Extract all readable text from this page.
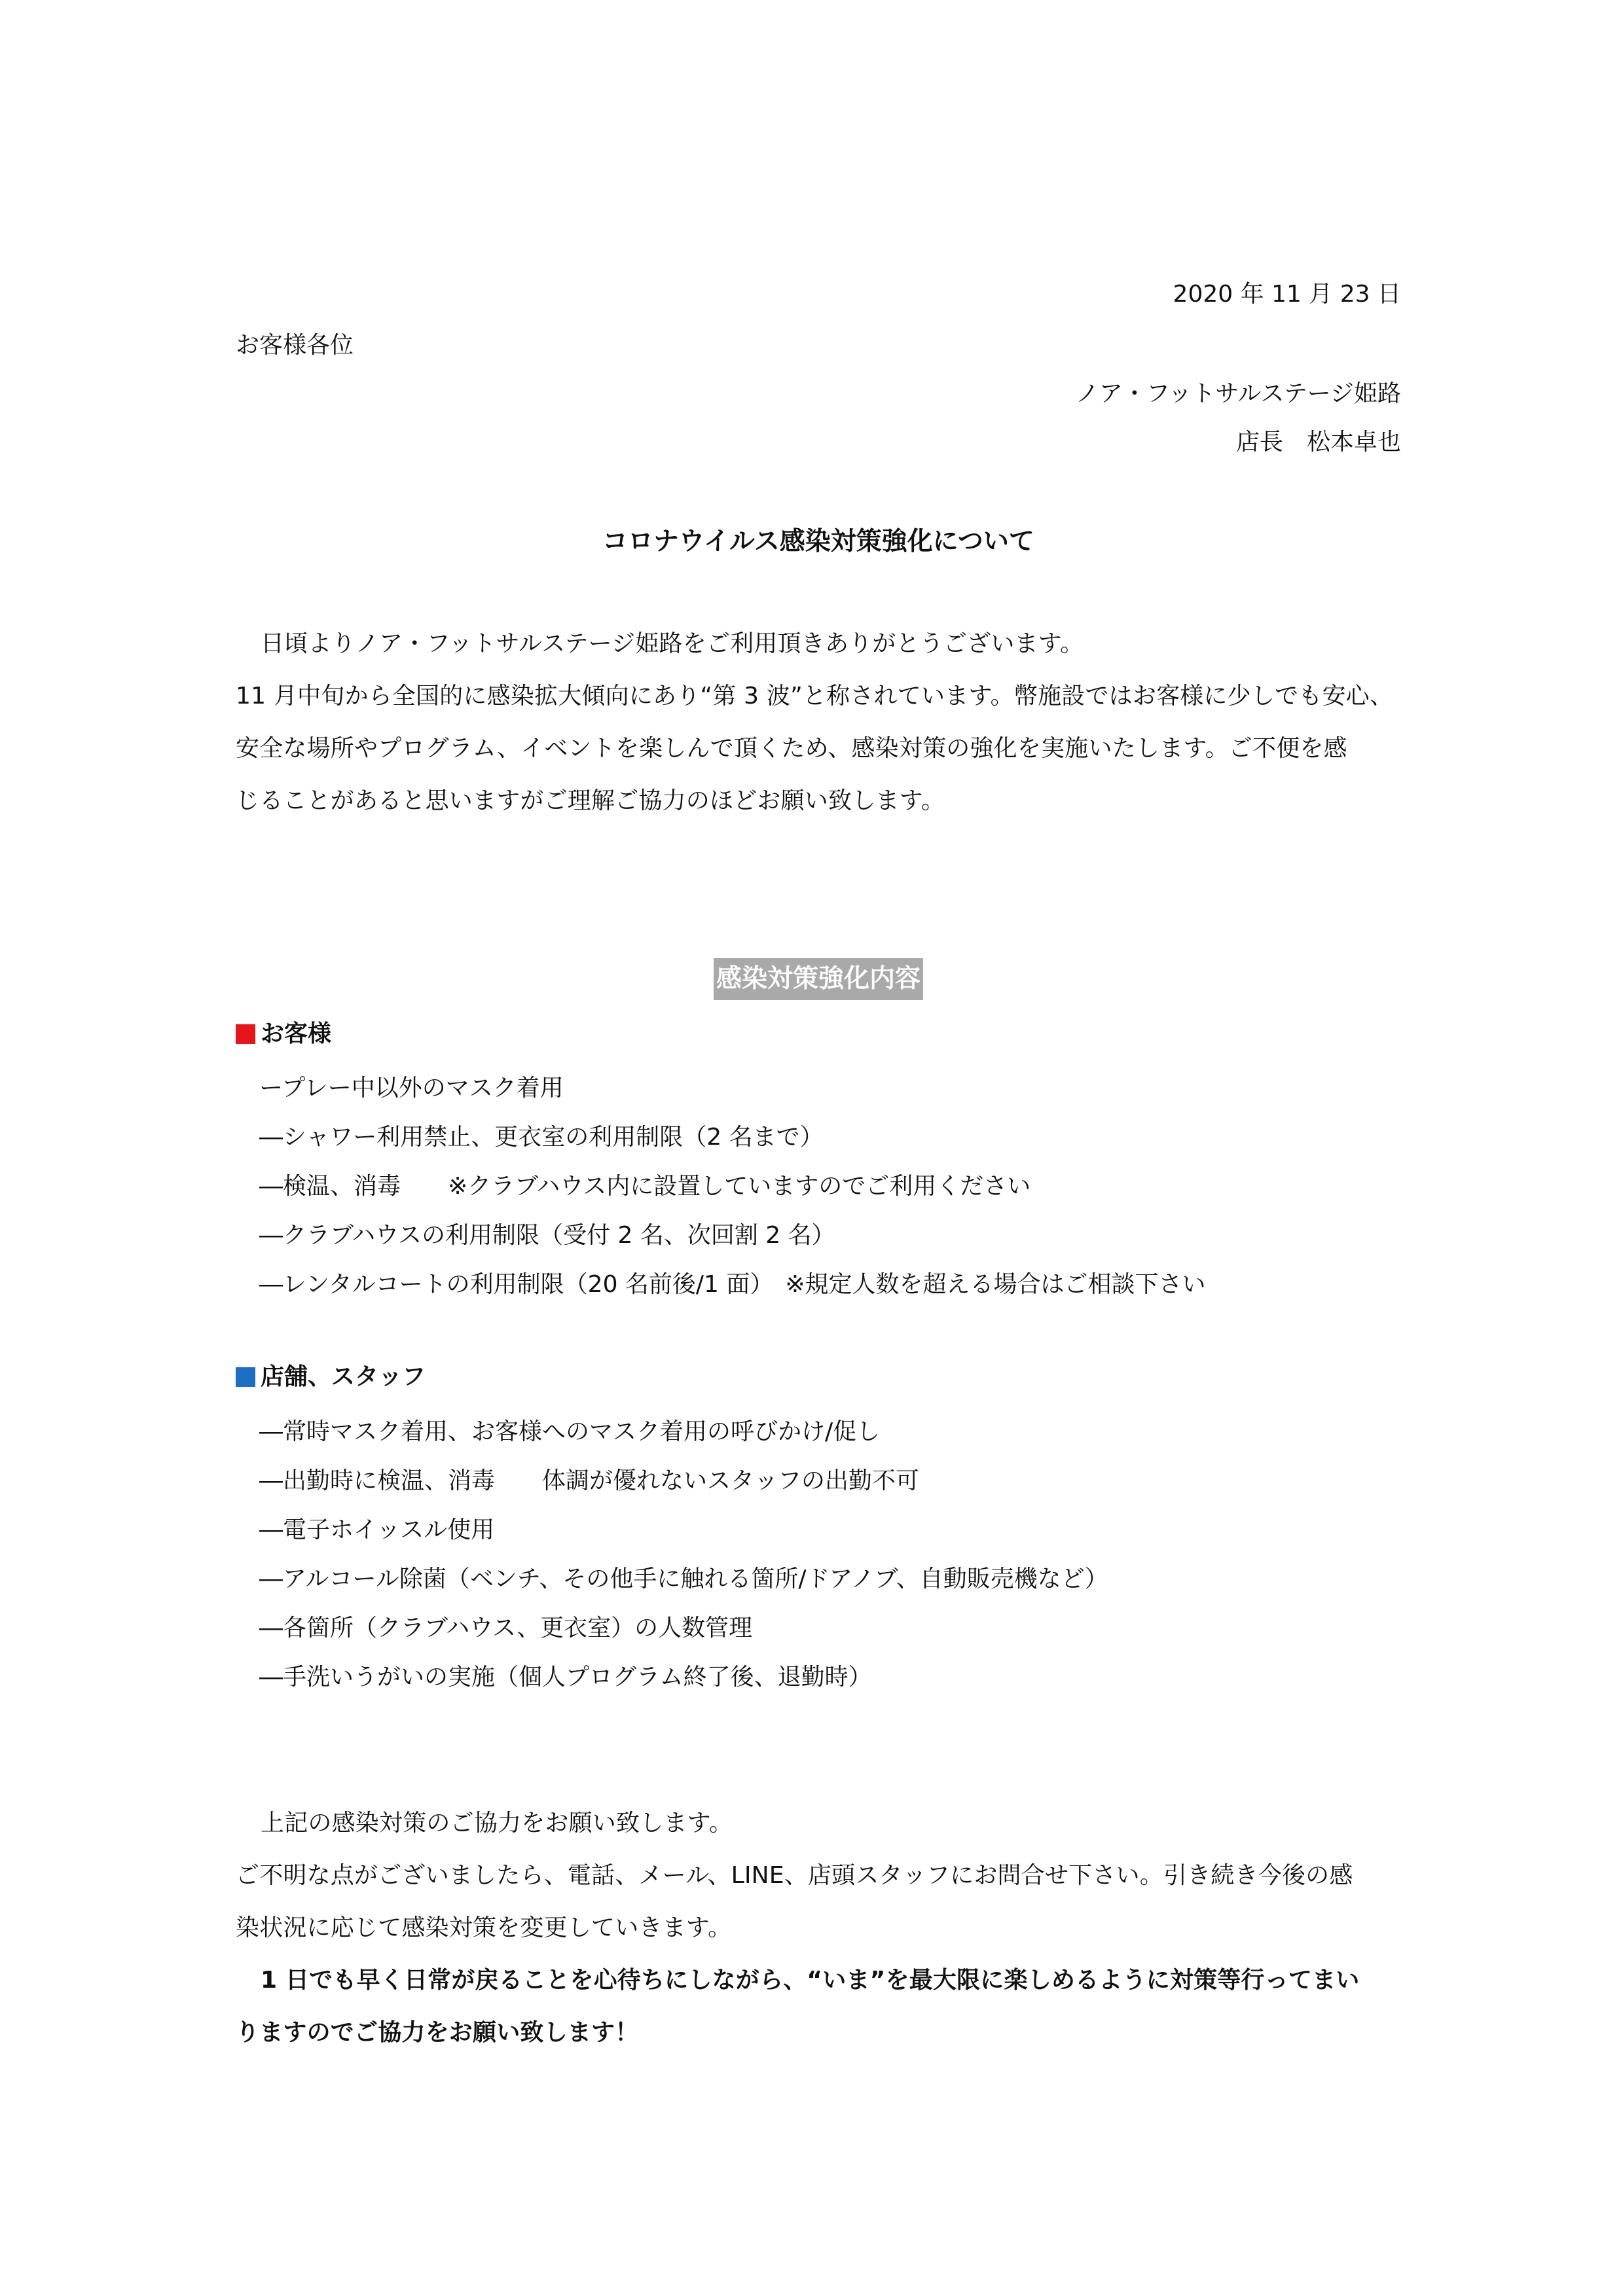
2020 年 11 月 23 日
お客様各位
ノア・フットサルステージ姫路
店長　松本卓也
コロナウイルス感染対策強化について

日頃よりノア・フットサルステージ姫路をご利用頂きありがとうございます。

11 月中旬から全国的に感染拡大傾向にあり“第 3 波”と称されています。幣施設ではお客様に少しでも安心、

安全な場所やプログラム、イベントを楽しんで頂くため、感染対策の強化を実施いたします。ご不便を感

じることがあると思いますがご理解ご協力のほどお願い致します。

感染対策強化内容
お客様
ープレー中以外のマスク着用
―シャワー利用禁止、更衣室の利用制限（2 名まで）
―検温、消毒　　※クラブハウス内に設置していますのでご利用ください
―クラブハウスの利用制限（受付 2 名、次回割 2 名）
―レンタルコートの利用制限（20 名前後/1 面）　※規定人数を超える場合はご相談下さい
店舗、スタッフ
―常時マスク着用、お客様へのマスク着用の呼びかけ/促し
―出勤時に検温、消毒　　体調が優れないスタッフの出勤不可
―電子ホイッスル使用
―アルコール除菌（ベンチ、その他手に触れる箇所/ドアノブ、自動販売機など）
―各箇所（クラブハウス、更衣室）の人数管理
―手洗いうがいの実施（個人プログラム終了後、退勤時）

上記の感染対策のご協力をお願い致します。

ご不明な点がございましたら、電話、メール、LINE、店頭スタッフにお問合せ下さい。引き続き今後の感

染状況に応じて感染対策を変更していきます。

1 日でも早く日常が戻ることを心待ちにしながら、“いま”を最大限に楽しめるように対策等行ってまい

りますのでご協力をお願い致します！
